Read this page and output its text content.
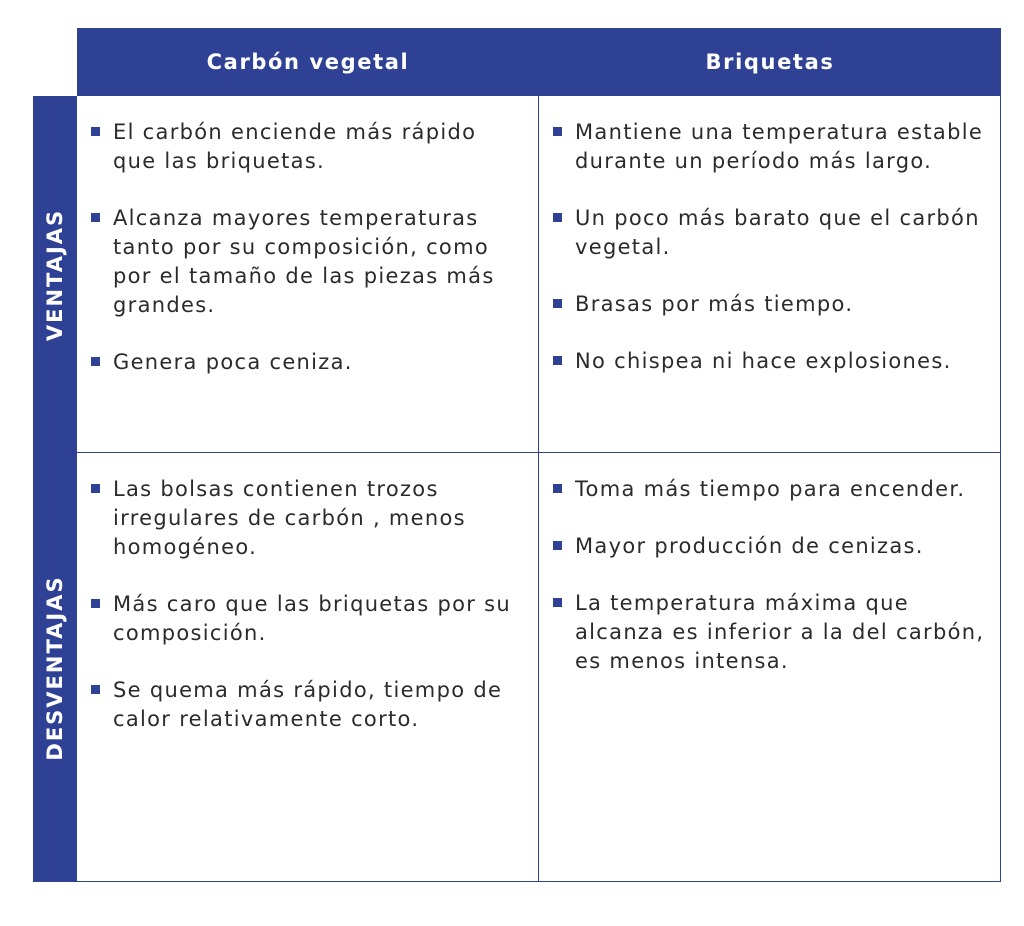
Carbón vegetal	Briquetas
VENTAJAS
DESVENTAJAS
El carbón enciende más rápido que las briquetas.
Alcanza mayores temperaturas tanto por su composición, como por el tamaño de las piezas más grandes.
Genera poca ceniza.
Mantiene una temperatura estable durante un período más largo.
Un poco más barato que el carbón vegetal.
Brasas por más tiempo.
No chispea ni hace explosiones.
Las bolsas contienen trozos irregulares de carbón , menos homogéneo.
Más caro que las briquetas por su composición.
Se quema más rápido, tiempo de calor relativamente corto.
Toma más tiempo para encender.
Mayor producción de cenizas.
La temperatura máxima que alcanza es inferior a la del carbón, es menos intensa.
